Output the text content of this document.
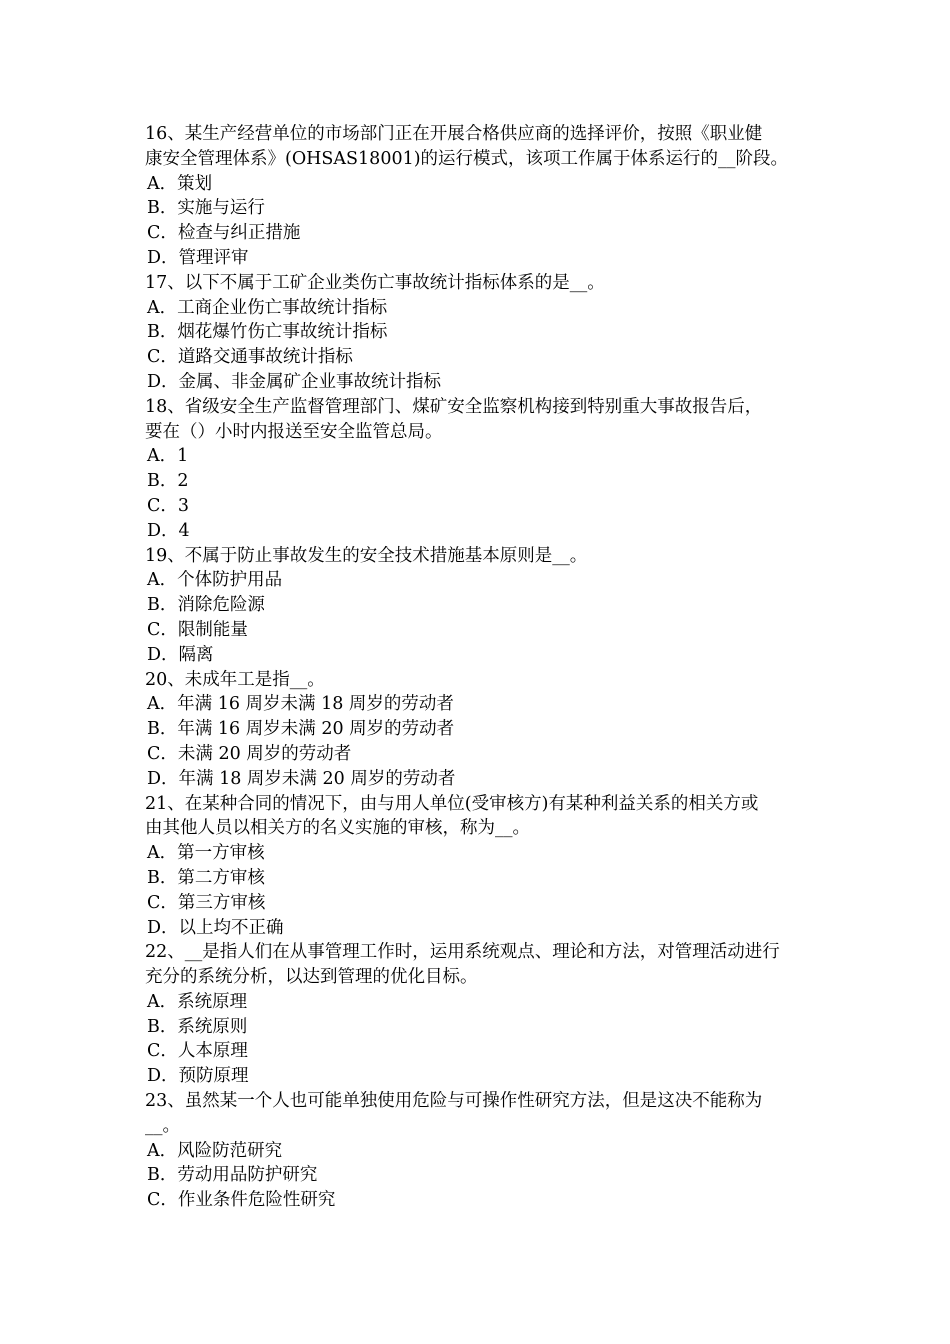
16、某生产经营单位的市场部门正在开展合格供应商的选择评价，按照《职业健
康安全管理体系》(OHSAS18001)的运行模式，该项工作属于体系运行的__阶段。
A．策划
B．实施与运行
C．检查与纠正措施
D．管理评审
17、以下不属于工矿企业类伤亡事故统计指标体系的是__。
A．工商企业伤亡事故统计指标
B．烟花爆竹伤亡事故统计指标
C．道路交通事故统计指标
D．金属、非金属矿企业事故统计指标
18、省级安全生产监督管理部门、煤矿安全监察机构接到特别重大事故报告后，
要在（）小时内报送至安全监管总局。
A．1
B．2
C．3
D．4
19、不属于防止事故发生的安全技术措施基本原则是__。
A．个体防护用品
B．消除危险源
C．限制能量
D．隔离
20、未成年工是指__。
A．年满 16 周岁未满 18 周岁的劳动者
B．年满 16 周岁未满 20 周岁的劳动者
C．未满 20 周岁的劳动者
D．年满 18 周岁未满 20 周岁的劳动者
21、在某种合同的情况下，由与用人单位(受审核方)有某种利益关系的相关方或
由其他人员以相关方的名义实施的审核，称为__。
A．第一方审核
B．第二方审核
C．第三方审核
D．以上均不正确
22、__是指人们在从事管理工作时，运用系统观点、理论和方法，对管理活动进行
充分的系统分析，以达到管理的优化目标。
A．系统原理
B．系统原则
C．人本原理
D．预防原理
23、虽然某一个人也可能单独使用危险与可操作性研究方法，但是这决不能称为
__。
A．风险防范研究
B．劳动用品防护研究
C．作业条件危险性研究
